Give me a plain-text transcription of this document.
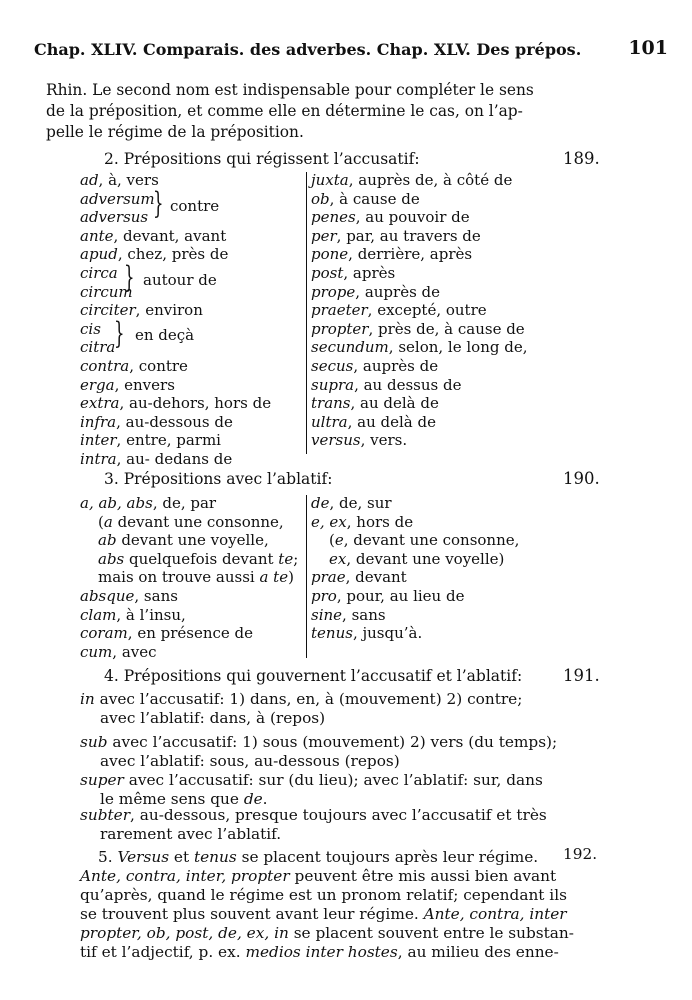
Chap. XLIV. Comparais. des adverbes. Chap. XLV. Des prépos. 101
Rhin. Le second nom est indispensable pour compléter le sens
de la préposition, et comme elle en détermine le cas, on l’ap-
pelle le régime de la préposition.
2. Prépositions qui régissent l’accusatif:	189.
ad, à, vers
adversum
adversus
ante, devant, avant
apud, chez, près de
circa
circum
circiter, environ
cis
citra
contra, contre
erga, envers
extra, au-dehors, hors de
infra, au-dessous de
inter, entre, parmi
intra, au- dedans de
juxta, auprès de, à côté de
ob, à cause de
penes, au pouvoir de
per, par, au travers de
pone, derrière, après
post, après
prope, auprès de
praeter, excepté, outre
propter, près de, à cause de
secundum, selon, le long de,
secus, auprès de
supra, au dessus de
trans, au delà de
ultra, au delà de
versus, vers.
} contre
} autour de
} en deçà
3. Prépositions avec l’ablatif:	190.
a, ab, abs, de, par
(a devant une consonne,
ab devant une voyelle,
abs quelquefois devant te;
mais on trouve aussi a te)
absque, sans
clam, à l’insu,
coram, en présence de
cum, avec
de, de, sur
e, ex, hors de
(e, devant une consonne,
ex, devant une voyelle)
prae, devant
pro, pour, au lieu de
sine, sans
tenus, jusqu’à.
4. Prépositions qui gouvernent l’accusatif et l’ablatif: 191.
in avec l’accusatif: 1) dans, en, à (mouvement) 2) contre;
avec l’ablatif: dans, à (repos)
sub avec l’accusatif: 1) sous (mouvement) 2) vers (du temps);
avec l’ablatif: sous, au-dessous (repos)
super avec l’accusatif: sur (du lieu); avec l’ablatif: sur, dans
le même sens que de.
subter, au-dessous, presque toujours avec l’accusatif et très
rarement avec l’ablatif.
5. Versus et tenus se placent toujours après leur régime. 192.
Ante, contra, inter, propter peuvent être mis aussi bien avant
qu’après, quand le régime est un pronom relatif; cependant ils
se trouvent plus souvent avant leur régime. Ante, contra, inter
propter, ob, post, de, ex, in se placent souvent entre le substan-
tif et l’adjectif, p. ex. medios inter hostes, au milieu des enne-
